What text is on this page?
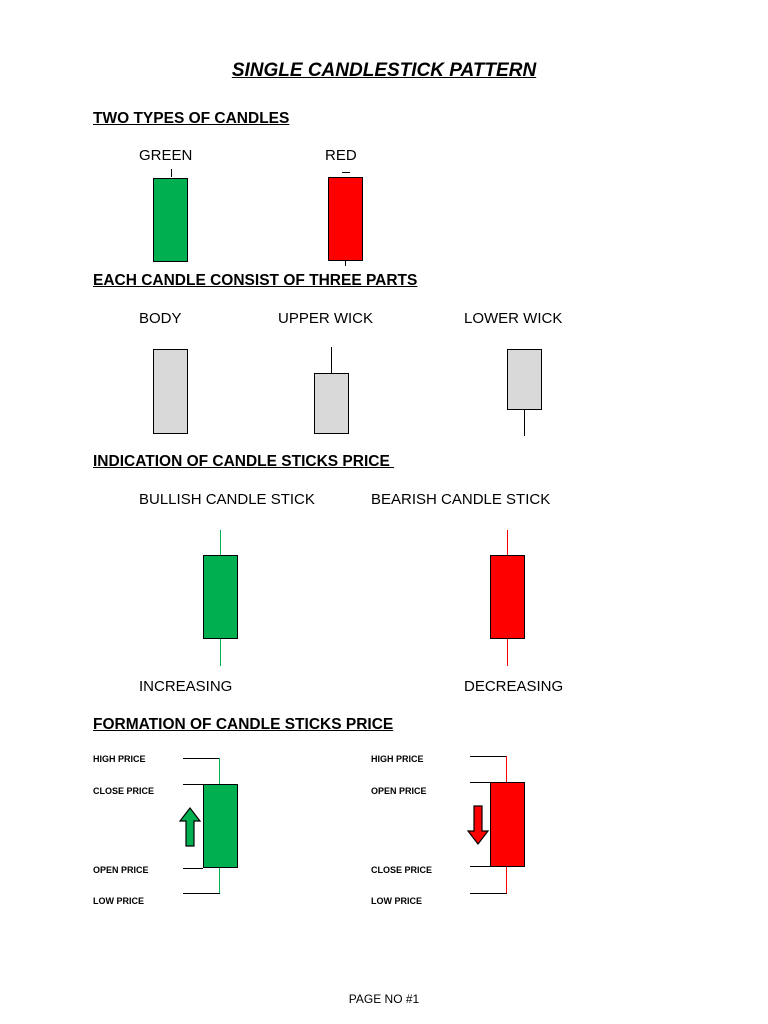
SINGLE CANDLESTICK PATTERN
TWO TYPES OF CANDLES
GREEN	RED
EACH CANDLE CONSIST OF THREE PARTS
BODY	UPPER WICK	LOWER WICK
INDICATION OF CANDLE STICKS PRICE
BULLISH CANDLE STICK	BEARISH CANDLE STICK
INCREASING	DECREASING
FORMATION OF CANDLE STICKS PRICE
HIGH PRICE
CLOSE PRICE
OPEN PRICE
LOW PRICE
HIGH PRICE
OPEN PRICE
CLOSE PRICE
LOW PRICE
PAGE NO #1
